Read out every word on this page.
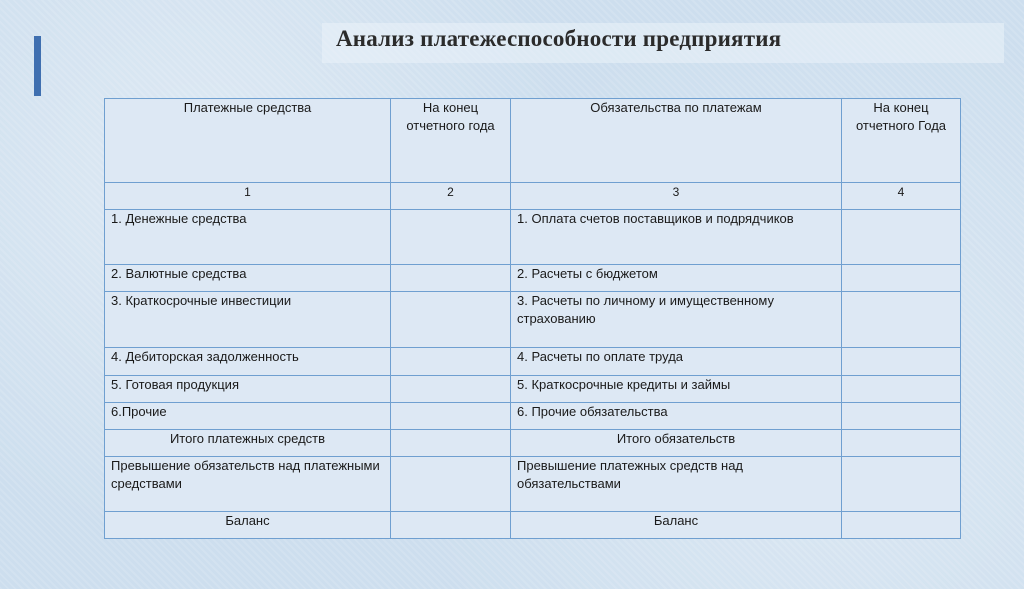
Анализ платежеспособности предприятия
Платежные средства	На конец отчетного года	Обязательства по платежам	На конец отчетного Года
1	2	3	4
1. Денежные средства		1. Оплата счетов поставщиков и подрядчиков	
2. Валютные средства		2. Расчеты с бюджетом	
3. Краткосрочные инвестиции		3. Расчеты по личному и имущественному страхованию	
4. Дебиторская задолженность		4. Расчеты по оплате труда	
5. Готовая продукция		5. Краткосрочные кредиты и займы	
6.Прочие		6. Прочие обязательства	
Итого платежных средств		Итого обязательств	
Превышение обязательств над платежными средствами		Превышение платежных средств над обязательствами	
Баланс		Баланс	
